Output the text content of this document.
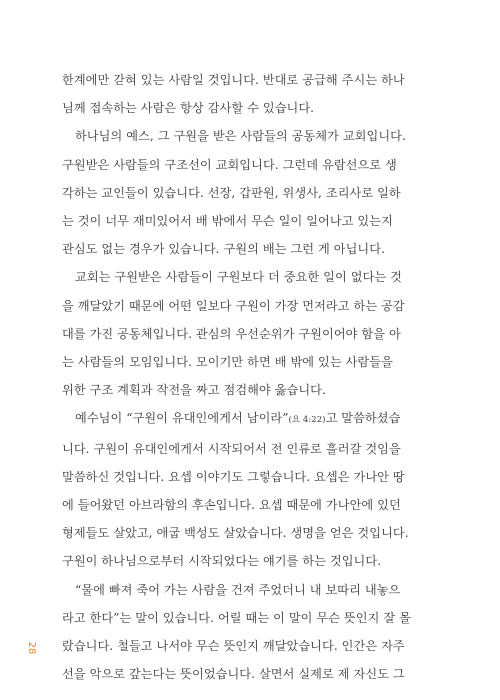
한계에만 갇혀 있는 사람일 것입니다. 반대로 공급해 주시는 하나
님께 접속하는 사람은 항상 감사할 수 있습니다.

하나님의 예스, 그 구원을 받은 사람들의 공동체가 교회입니다.
구원받은 사람들의 구조선이 교회입니다. 그런데 유람선으로 생
각하는 교인들이 있습니다. 선장, 갑판원, 위생사, 조리사로 일하
는 것이 너무 재미있어서 배 밖에서 무슨 일이 일어나고 있는지
관심도 없는 경우가 있습니다. 구원의 배는 그런 게 아닙니다.

교회는 구원받은 사람들이 구원보다 더 중요한 일이 없다는 것
을 깨달았기 때문에 어떤 일보다 구원이 가장 먼저라고 하는 공감
대를 가진 공동체입니다. 관심의 우선순위가 구원이어야 함을 아
는 사람들의 모임입니다. 모이기만 하면 배 밖에 있는 사람들을
위한 구조 계획과 작전을 짜고 점검해야 옳습니다.

예수님이 “구원이 유대인에게서 남이라”(요 4:22)고 말씀하셨습
니다. 구원이 유대인에게서 시작되어서 전 인류로 흘러갈 것임을
말씀하신 것입니다. 요셉 이야기도 그렇습니다. 요셉은 가나안 땅
에 들어왔던 아브라함의 후손입니다. 요셉 때문에 가나안에 있던
형제들도 살았고, 애굽 백성도 살았습니다. 생명을 얻은 것입니다.
구원이 하나님으로부터 시작되었다는 얘기를 하는 것입니다.

“물에 빠져 죽어 가는 사람을 건져 주었더니 내 보따리 내놓으
라고 한다”는 말이 있습니다. 어릴 때는 이 말이 무슨 뜻인지 잘 몰
랐습니다. 철들고 나서야 무슨 뜻인지 깨달았습니다. 인간은 자주
선을 악으로 갚는다는 뜻이었습니다. 살면서 실제로 제 자신도 그

28
